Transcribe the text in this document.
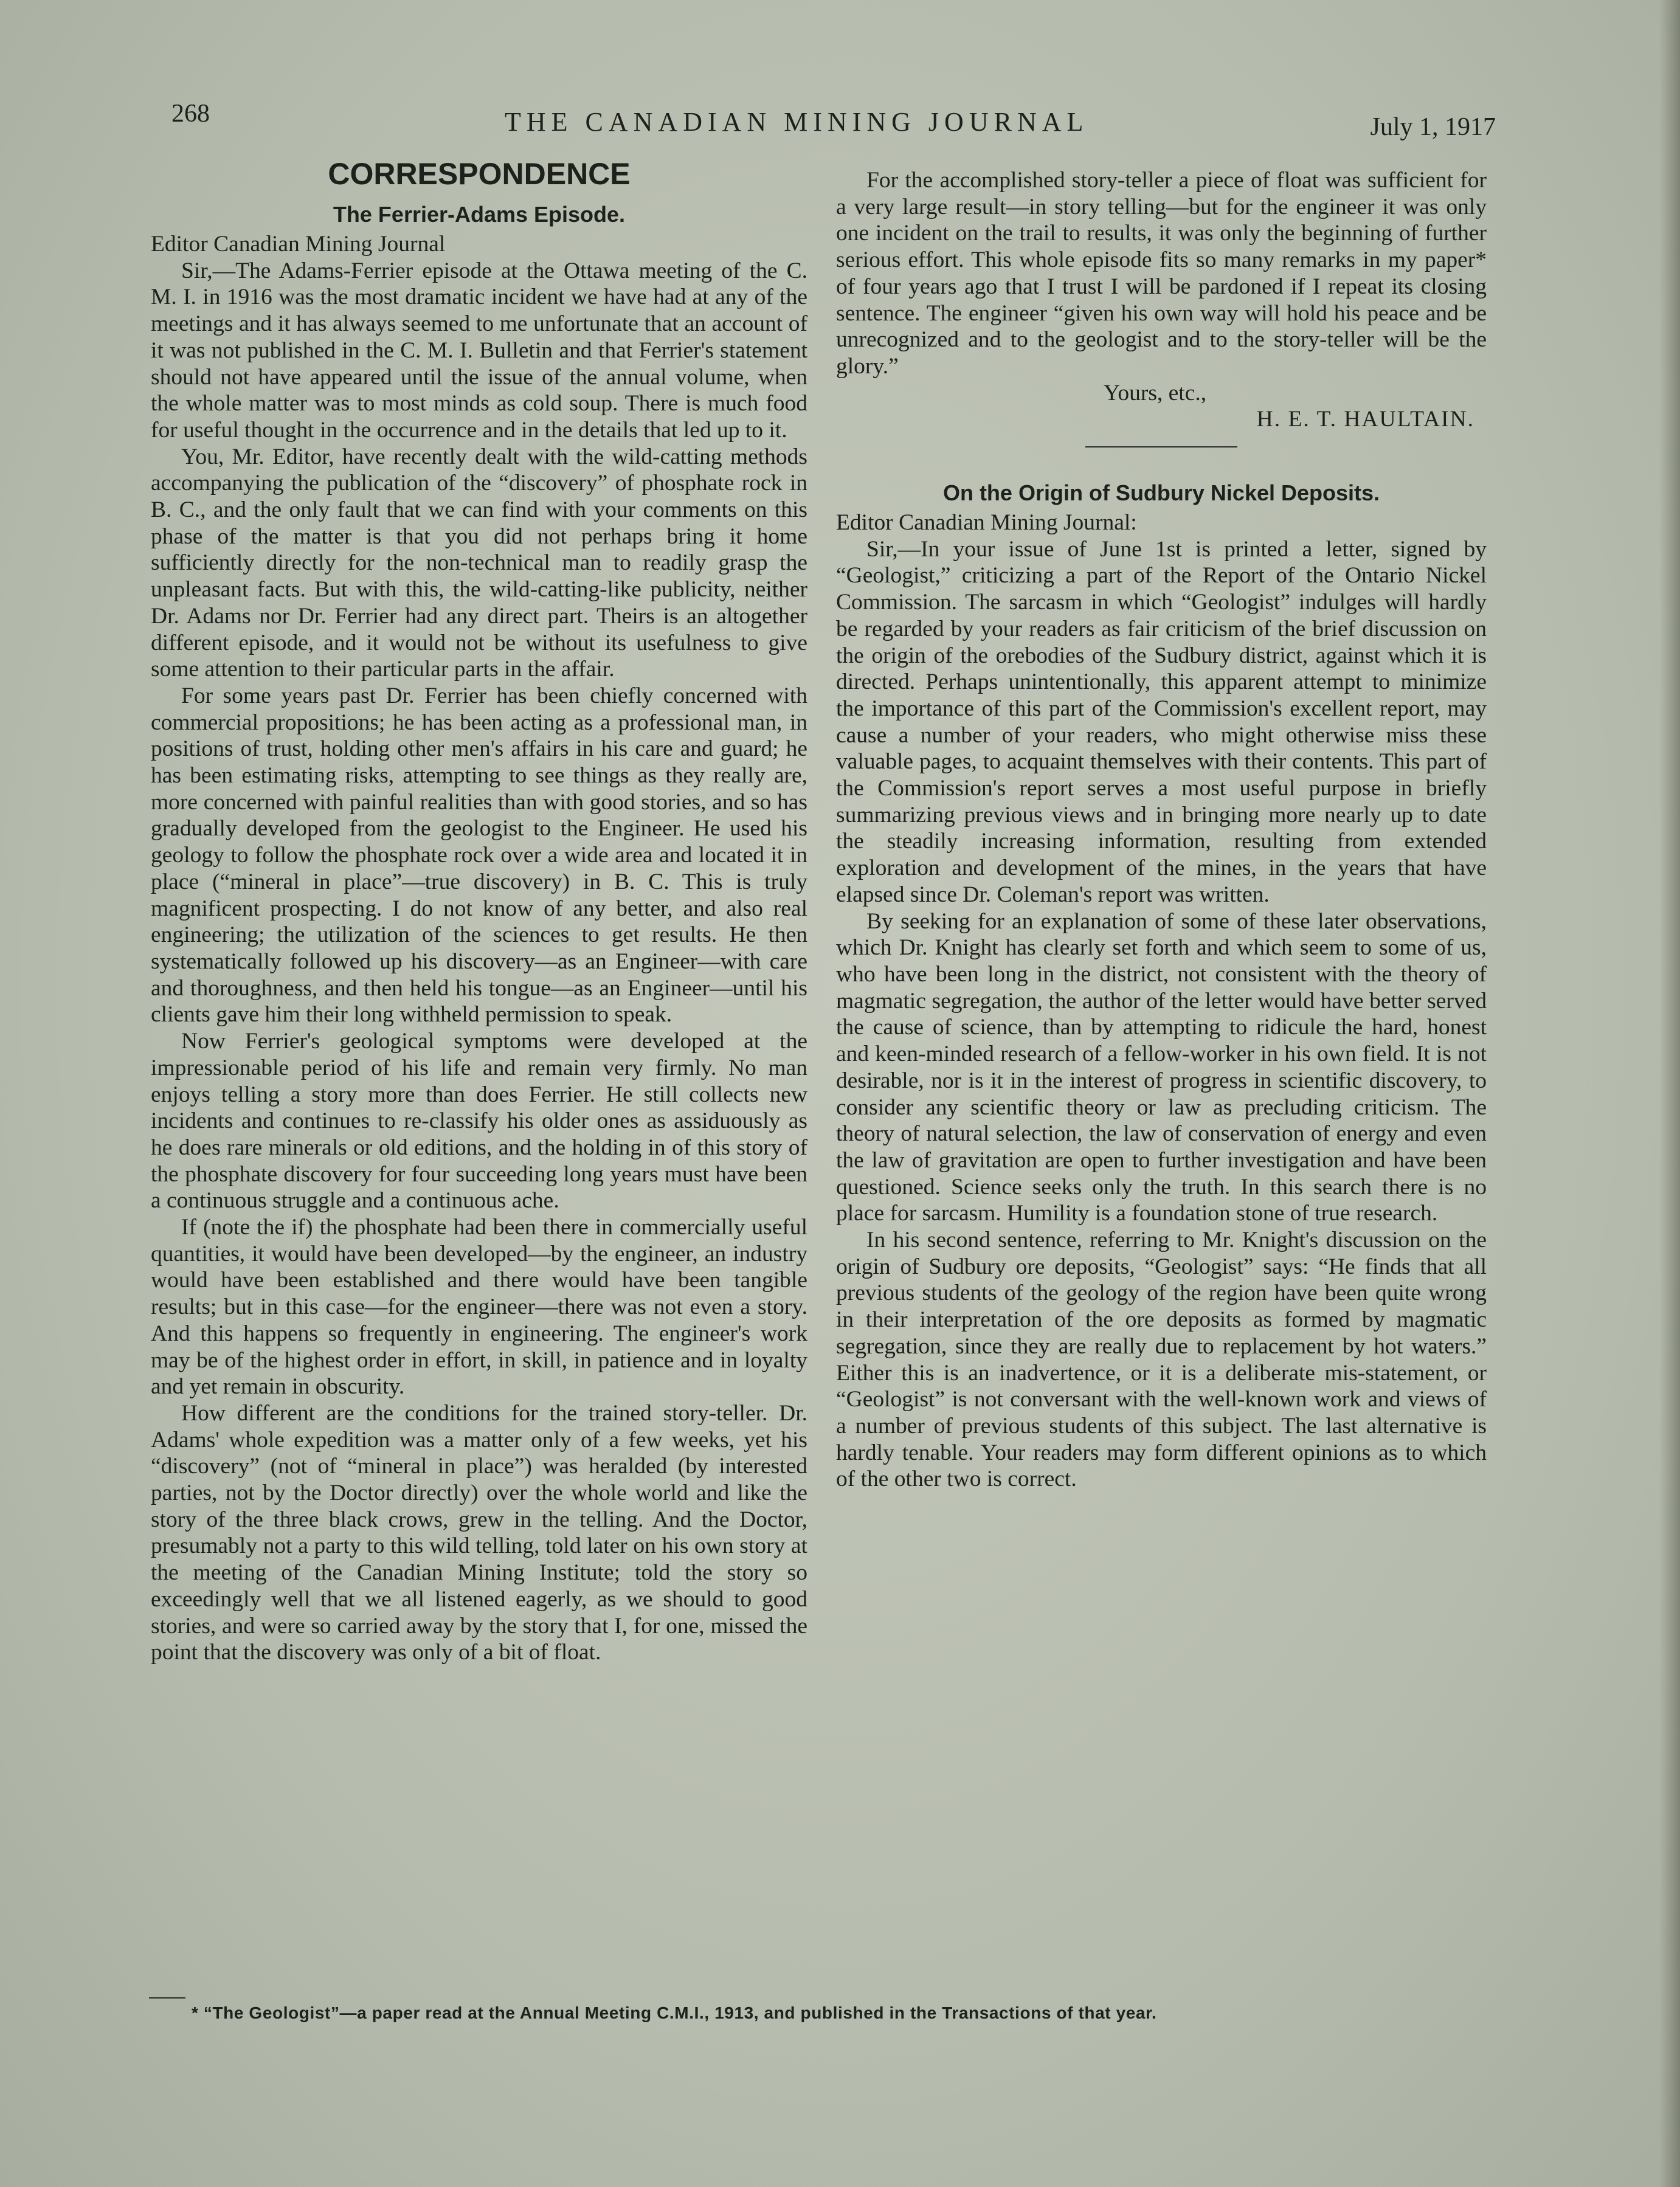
268	THE CANADIAN MINING JOURNAL	July 1, 1917
CORRESPONDENCE
The Ferrier-Adams Episode.

Editor Canadian Mining Journal

Sir,—The Adams-Ferrier episode at the Ottawa meeting of the C. M. I. in 1916 was the most dramatic incident we have had at any of the meetings and it has always seemed to me unfortunate that an account of it was not published in the C. M. I. Bulletin and that Ferrier's statement should not have appeared until the issue of the annual volume, when the whole matter was to most minds as cold soup. There is much food for useful thought in the occurrence and in the details that led up to it.

You, Mr. Editor, have recently dealt with the wild-catting methods accompanying the publication of the “discovery” of phosphate rock in B. C., and the only fault that we can find with your comments on this phase of the matter is that you did not perhaps bring it home sufficiently directly for the non-technical man to readily grasp the unpleasant facts. But with this, the wild-catting-like publicity, neither Dr. Adams nor Dr. Ferrier had any direct part. Theirs is an altogether different episode, and it would not be without its usefulness to give some attention to their particular parts in the affair.

For some years past Dr. Ferrier has been chiefly concerned with commercial propositions; he has been acting as a professional man, in positions of trust, holding other men's affairs in his care and guard; he has been estimating risks, attempting to see things as they really are, more concerned with painful realities than with good stories, and so has gradually developed from the geologist to the Engineer. He used his geology to follow the phosphate rock over a wide area and located it in place (“mineral in place”—true discovery) in B. C. This is truly magnificent prospecting. I do not know of any better, and also real engineering; the utilization of the sciences to get results. He then systematically followed up his discovery—as an Engineer—with care and thoroughness, and then held his tongue—as an Engineer—until his clients gave him their long withheld permission to speak.

Now Ferrier's geological symptoms were developed at the impressionable period of his life and remain very firmly. No man enjoys telling a story more than does Ferrier. He still collects new incidents and continues to re-classify his older ones as assiduously as he does rare minerals or old editions, and the holding in of this story of the phosphate discovery for four succeeding long years must have been a continuous struggle and a continuous ache.

If (note the if) the phosphate had been there in commercially useful quantities, it would have been developed—by the engineer, an industry would have been established and there would have been tangible results; but in this case—for the engineer—there was not even a story. And this happens so frequently in engineering. The engineer's work may be of the highest order in effort, in skill, in patience and in loyalty and yet remain in obscurity.

How different are the conditions for the trained story-teller. Dr. Adams' whole expedition was a matter only of a few weeks, yet his “discovery” (not of “mineral in place”) was heralded (by interested parties, not by the Doctor directly) over the whole world and like the story of the three black crows, grew in the telling. And the Doctor, presumably not a party to this wild telling, told later on his own story at the meeting of the Canadian Mining Institute; told the story so exceedingly well that we all listened eagerly, as we should to good stories, and were so carried away by the story that I, for one, missed the point that the discovery was only of a bit of float.

For the accomplished story-teller a piece of float was sufficient for a very large result—in story telling—but for the engineer it was only one incident on the trail to results, it was only the beginning of further serious effort. This whole episode fits so many remarks in my paper* of four years ago that I trust I will be pardoned if I repeat its closing sentence. The engineer “given his own way will hold his peace and be unrecognized and to the geologist and to the story-teller will be the glory.”

Yours, etc.,

H. E. T. HAULTAIN.

On the Origin of Sudbury Nickel Deposits.

Editor Canadian Mining Journal:

Sir,—In your issue of June 1st is printed a letter, signed by “Geologist,” criticizing a part of the Report of the Ontario Nickel Commission. The sarcasm in which “Geologist” indulges will hardly be regarded by your readers as fair criticism of the brief discussion on the origin of the orebodies of the Sudbury district, against which it is directed. Perhaps unintentionally, this apparent attempt to minimize the importance of this part of the Commission's excellent report, may cause a number of your readers, who might otherwise miss these valuable pages, to acquaint themselves with their contents. This part of the Commission's report serves a most useful purpose in briefly summarizing previous views and in bringing more nearly up to date the steadily increasing information, resulting from extended exploration and development of the mines, in the years that have elapsed since Dr. Coleman's report was written.

By seeking for an explanation of some of these later observations, which Dr. Knight has clearly set forth and which seem to some of us, who have been long in the district, not consistent with the theory of magmatic segregation, the author of the letter would have better served the cause of science, than by attempting to ridicule the hard, honest and keen-minded research of a fellow-worker in his own field. It is not desirable, nor is it in the interest of progress in scientific discovery, to consider any scientific theory or law as precluding criticism. The theory of natural selection, the law of conservation of energy and even the law of gravitation are open to further investigation and have been questioned. Science seeks only the truth. In this search there is no place for sarcasm. Humility is a foundation stone of true research.

In his second sentence, referring to Mr. Knight's discussion on the origin of Sudbury ore deposits, “Geologist” says: “He finds that all previous students of the geology of the region have been quite wrong in their interpretation of the ore deposits as formed by magmatic segregation, since they are really due to replacement by hot waters.” Either this is an inadvertence, or it is a deliberate mis-statement, or “Geologist” is not conversant with the well-known work and views of a number of previous students of this subject. The last alternative is hardly tenable. Your readers may form different opinions as to which of the other two is correct.

* “The Geologist”—a paper read at the Annual Meeting C.M.I., 1913, and published in the Transactions of that year.
